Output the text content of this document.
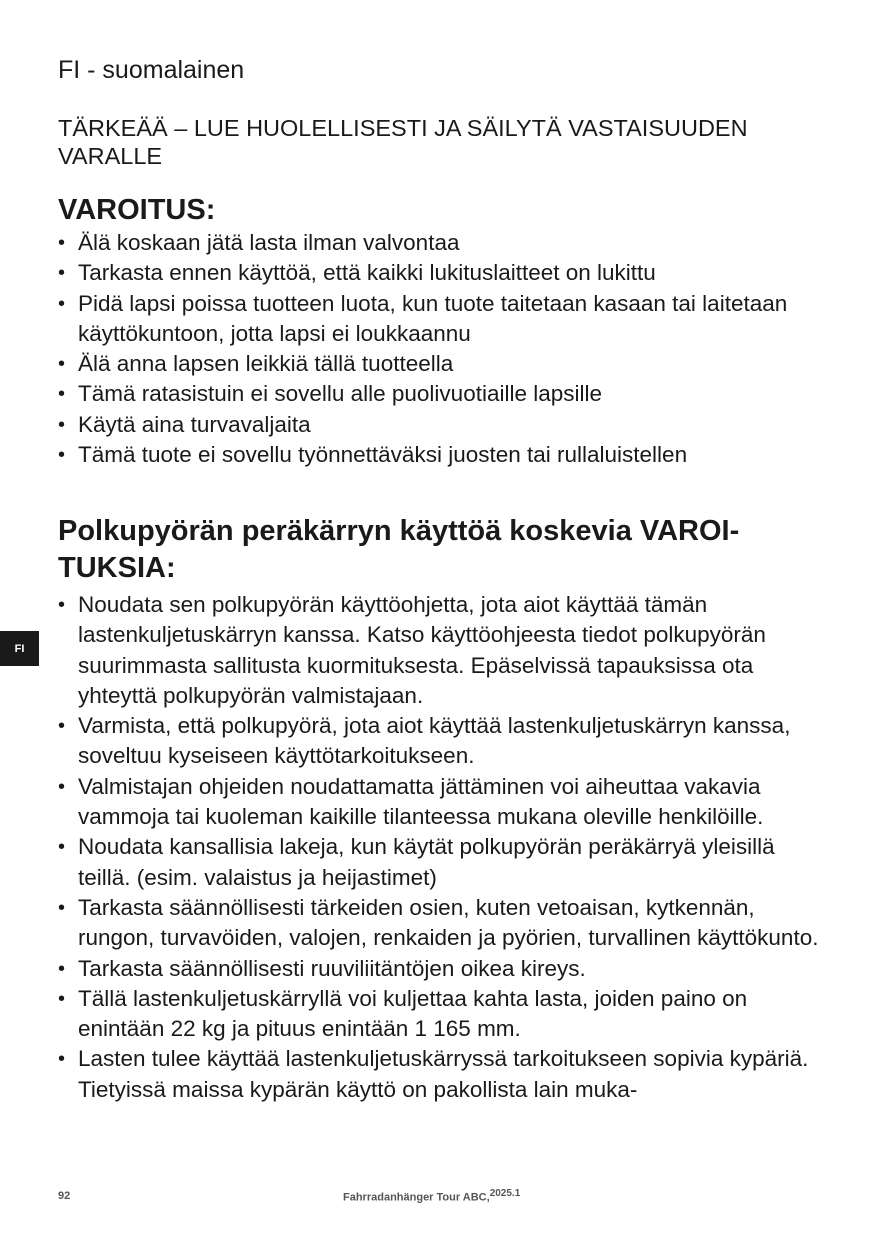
FI - suomalainen
TÄRKEÄÄ – LUE HUOLELLISESTI JA SÄILYTÄ VASTAISUUDEN VARALLE
VAROITUS:
• Älä koskaan jätä lasta ilman valvontaa
• Tarkasta ennen käyttöä, että kaikki lukituslaitteet on lukittu
• Pidä lapsi poissa tuotteen luota, kun tuote taitetaan kasaan tai laitetaan käyttökuntoon, jotta lapsi ei loukkaannu
• Älä anna lapsen leikkiä tällä tuotteella
• Tämä ratasistuin ei sovellu alle puolivuotiaille lapsille
• Käytä aina turvavaljaita
• Tämä tuote ei sovellu työnnettäväksi juosten tai rullaluistellen
Polkupyörän peräkärryn käyttöä koskevia VAROITUKSIA:
• Noudata sen polkupyörän käyttöohjetta, jota aiot käyttää tämän lastenkuljetuskärryn kanssa. Katso käyttöohjeesta tiedot polkupyörän suurimmasta sallitusta kuormituksesta. Epäselvissä tapauksissa ota yhteyttä polkupyörän valmistajaan.
• Varmista, että polkupyörä, jota aiot käyttää lastenkuljetuskärryn kanssa, soveltuu kyseiseen käyttötarkoitukseen.
• Valmistajan ohjeiden noudattamatta jättäminen voi aiheuttaa vakavia vammoja tai kuoleman kaikille tilanteessa mukana oleville henkilöille.
• Noudata kansallisia lakeja, kun käytät polkupyörän peräkärryä yleisillä teillä. (esim. valaistus ja heijastimet)
• Tarkasta säännöllisesti tärkeiden osien, kuten vetoaisan, kytkennän, rungon, turvavöiden, valojen, renkaiden ja pyörien, turvallinen käyttökunto.
• Tarkasta säännöllisesti ruuviliitäntöjen oikea kireys.
• Tällä lastenkuljetuskärryllä voi kuljettaa kahta lasta, joiden paino on enintään 22 kg ja pituus enintään 1 165 mm.
• Lasten tulee käyttää lastenkuljetuskärryssä tarkoitukseen sopivia kypäriä. Tietyissä maissa kypärän käyttö on pakollista lain muka-
FI
92	Fahrradanhänger Tour ABC,$^{2025.1}$
